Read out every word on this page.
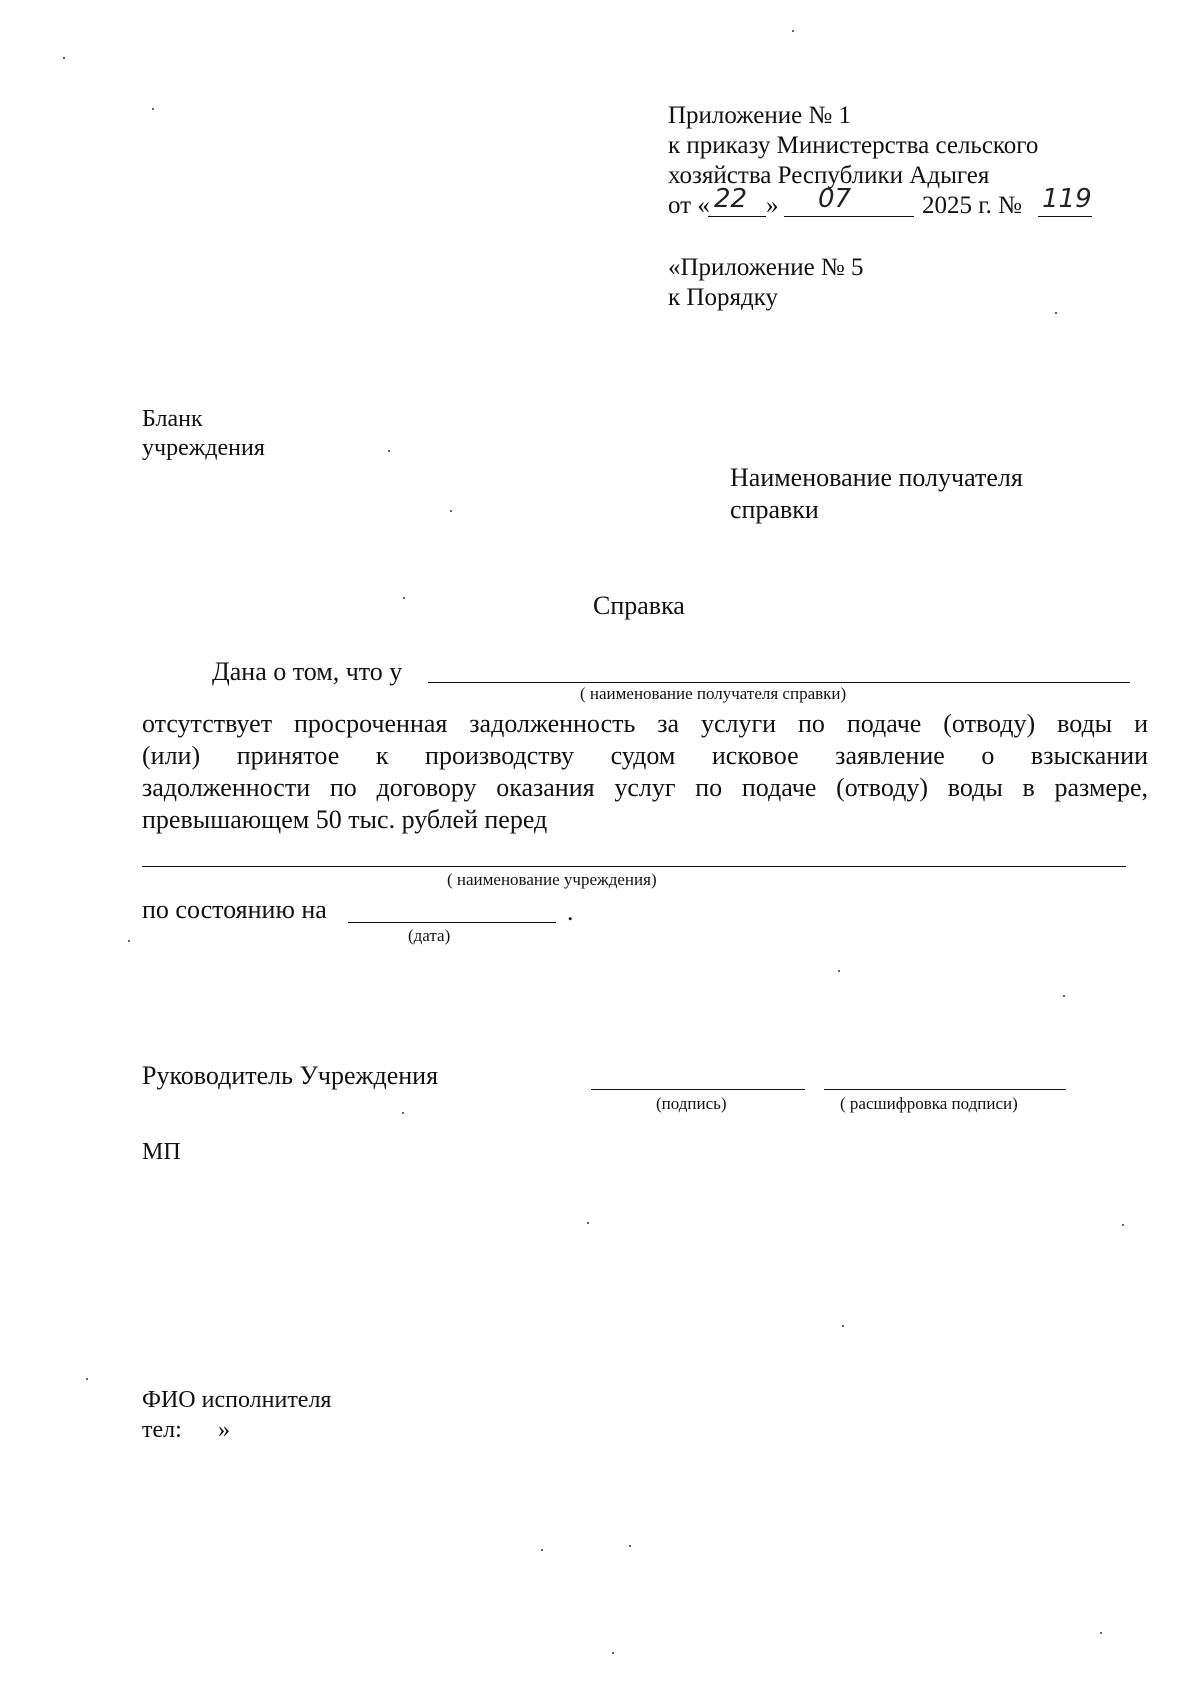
Приложение № 1
к приказу Министерства сельского
хозяйства Республики Адыгея
от « 22 » 07	2025 г. № 119
«Приложение № 5
к Порядку
Бланк
учреждения
Наименование получателя
справки
Справка
Дана о том, что у
( наименование получателя справки)
отсутствует просроченная задолженность за услуги по подаче (отводу) воды и
(или) принятое к производству судом исковое заявление о взыскании
задолженности по договору оказания услуг по подаче (отводу) воды в размере,
превышающем 50 тыс. рублей перед
( наименование учреждения)
по состоянию на	.
(дата)
Руководитель Учреждения
(подпись)	( расшифровка подписи)
МП
ФИО исполнителя
тел: »
